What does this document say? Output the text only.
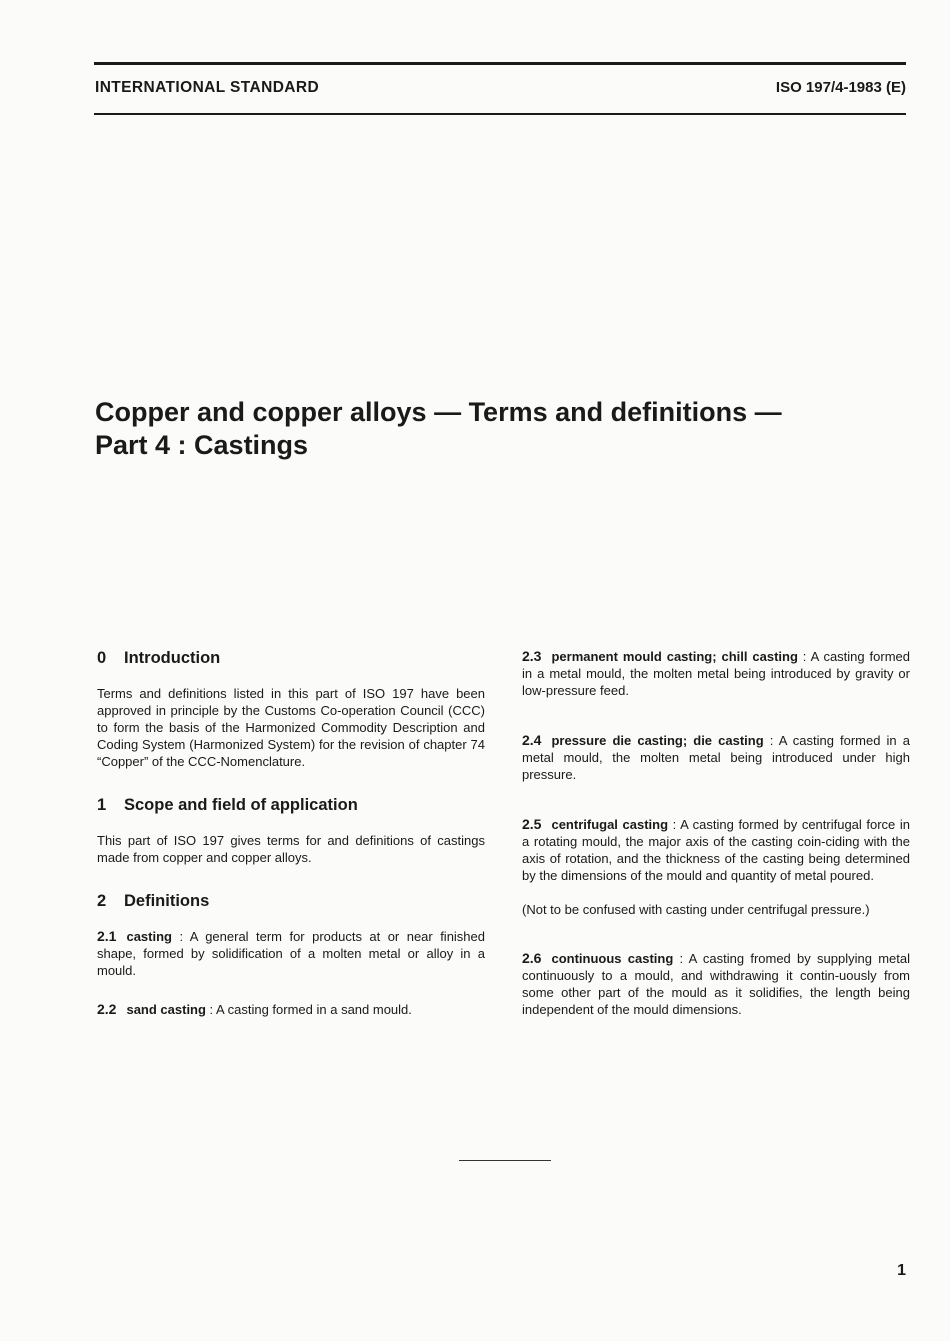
INTERNATIONAL STANDARD	ISO 197/4-1983 (E)
Copper and copper alloys — Terms and definitions —
Part 4 : Castings
0 Introduction

Terms and definitions listed in this part of ISO 197 have been approved in principle by the Customs Co-operation Council (CCC) to form the basis of the Harmonized Commodity Description and Coding System (Harmonized System) for the revision of chapter 74 “Copper” of the CCC-Nomenclature.

1 Scope and field of application

This part of ISO 197 gives terms for and definitions of castings made from copper and copper alloys.

2 Definitions

2.1 casting : A general term for products at or near finished shape, formed by solidification of a molten metal or alloy in a mould.

2.2 sand casting : A casting formed in a sand mould.

2.3 permanent mould casting; chill casting : A casting formed in a metal mould, the molten metal being introduced by gravity or low-pressure feed.

2.4 pressure die casting; die casting : A casting formed in a metal mould, the molten metal being introduced under high pressure.

2.5 centrifugal casting : A casting formed by centrifugal force in a rotating mould, the major axis of the casting coin-ciding with the axis of rotation, and the thickness of the casting being determined by the dimensions of the mould and quantity of metal poured.

(Not to be confused with casting under centrifugal pressure.)

2.6 continuous casting : A casting fromed by supplying metal continuously to a mould, and withdrawing it contin-uously from some other part of the mould as it solidifies, the length being independent of the mould dimensions.

1
